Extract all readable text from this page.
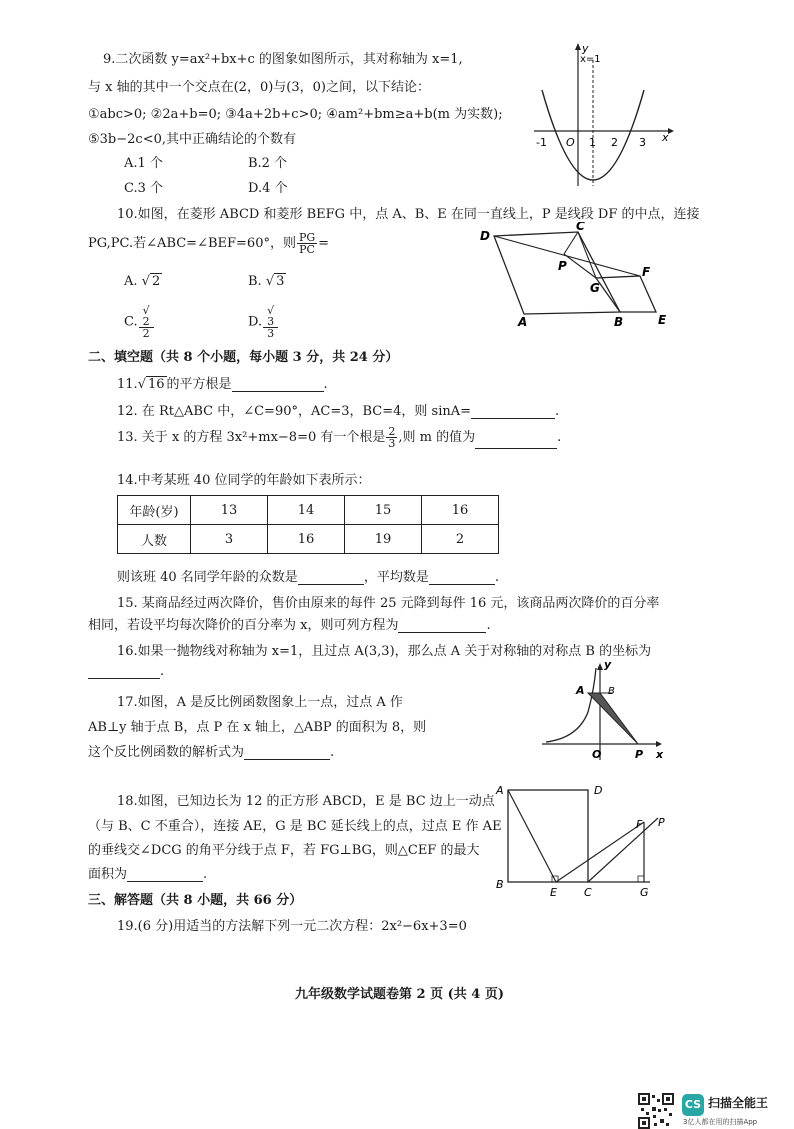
9.二次函数 y=ax²+bx+c 的图象如图所示，其对称轴为 x=1,
与 x 轴的其中一个交点在(2，0)与(3，0)之间，以下结论：
①abc>0; ②2a+b=0; ③4a+2b+c>0; ④am²+bm≥a+b(m 为实数);
⑤3b−2c<0,其中正确结论的个数有
A.1 个	B.2 个
C.3 个	D.4 个
x=1
-1 O 1 2 3 x
y
10.如图，在菱形 ABCD 和菱形 BEFG 中，点 A、B、E 在同一直线上，P 是线段 DF 的中点，连接
PG,PC.若∠ABC=∠BEF=60°，则 $\frac{PG}{PC}$ =
A. √ 2	B. √ 3
C. √
2
2	D. √
3
3
D
C
P	F
G
A	B	E
二、填空题（共 8 个小题，每小题 3 分，共 24 分）
11.√ 16 的平方根是	.
12. 在 Rt△ABC 中，∠C=90°，AC=3，BC=4，则 sinA=	.
13. 关于 x 的方程 3x²+mx−8=0 有一个根是 $\frac{2}{3}$ ,则 m 的值为	.
14.中考某班 40 位同学的年龄如下表所示：
年龄(岁)	13	14	15	16
人数	3	16	19	2
则该班 40 名同学年龄的众数是	，平均数是	.
15. 某商品经过两次降价，售价由原来的每件 25 元降到每件 16 元，该商品两次降价的百分率
相同，若设平均每次降价的百分率为 x，则可列方程为	.
16.如果一抛物线对称轴为 x=1，且过点 A(3,3)，那么点 A 关于对称轴的对称点 B 的坐标为
.
17.如图，A 是反比例函数图象上一点，过点 A 作
AB⊥y 轴于点 B，点 P 在 x 轴上，△ABP 的面积为 8，则
这个反比例函数的解析式为	.
y
A B
O	P x
18.如图，已知边长为 12 的正方形 ABCD，E 是 BC 边上一动点
（与 B、C 不重合），连接 AE，G 是 BC 延长线上的点，过点 E 作 AE
的垂线交∠DCG 的角平分线于点 F，若 FG⊥BG，则△CEF 的最大
面积为	.
A	D
F P
B
E C	G
三、解答题（共 8 小题，共 66 分）
19.(6 分)用适当的方法解下列一元二次方程：2x²−6x+3=0
九年级数学试题卷第 2 页 (共 4 页)
CS 扫描全能王
3亿人都在用的扫描App
